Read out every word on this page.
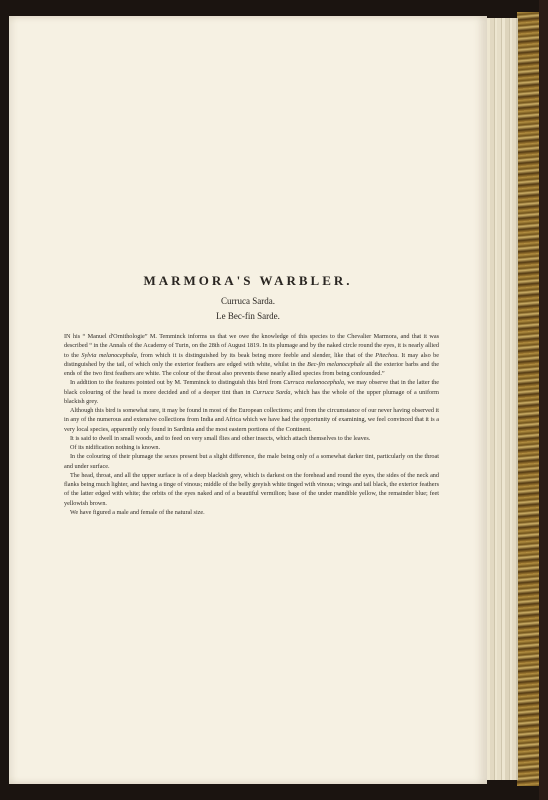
MARMORA'S WARBLER.
Curruca Sarda.
Le Bec-fin Sarde.

IN his “ Manuel d'Ornithologie” M. Temminck informs us that we owe the knowledge of this species to the Chevalier Marmora, and that it was described “ in the Annals of the Academy of Turin, on the 28th of August 1819. In its plumage and by the naked circle round the eyes, it is nearly allied to the Sylvia melanocephala, from which it is distinguished by its beak being more feeble and slender, like that of the Pitechou. It may also be distinguished by the tail, of which only the exterior feathers are edged with white, whilst in the Bec-fin melanocephale all the exterior barbs and the ends of the two first feathers are white. The colour of the throat also prevents these nearly allied species from being confounded.”

In addition to the features pointed out by M. Temminck to distinguish this bird from Curruca melanocephala, we may observe that in the latter the black colouring of the head is more decided and of a deeper tint than in Curruca Sarda, which has the whole of the upper plumage of a uniform blackish grey.

Although this bird is somewhat rare, it may be found in most of the European collections; and from the circumstance of our never having observed it in any of the numerous and extensive collections from India and Africa which we have had the opportunity of examining, we feel convinced that it is a very local species, apparently only found in Sardinia and the most eastern portions of the Continent.

It is said to dwell in small woods, and to feed on very small flies and other insects, which attach themselves to the leaves.

Of its nidification nothing is known.

In the colouring of their plumage the sexes present but a slight difference, the male being only of a somewhat darker tint, particularly on the throat and under surface.

The head, throat, and all the upper surface is of a deep blackish grey, which is darkest on the forehead and round the eyes, the sides of the neck and flanks being much lighter, and having a tinge of vinous; middle of the belly greyish white tinged with vinous; wings and tail black, the exterior feathers of the latter edged with white; the orbits of the eyes naked and of a beautiful vermilion; base of the under mandible yellow, the remainder blue; feet yellowish brown.

We have figured a male and female of the natural size.
